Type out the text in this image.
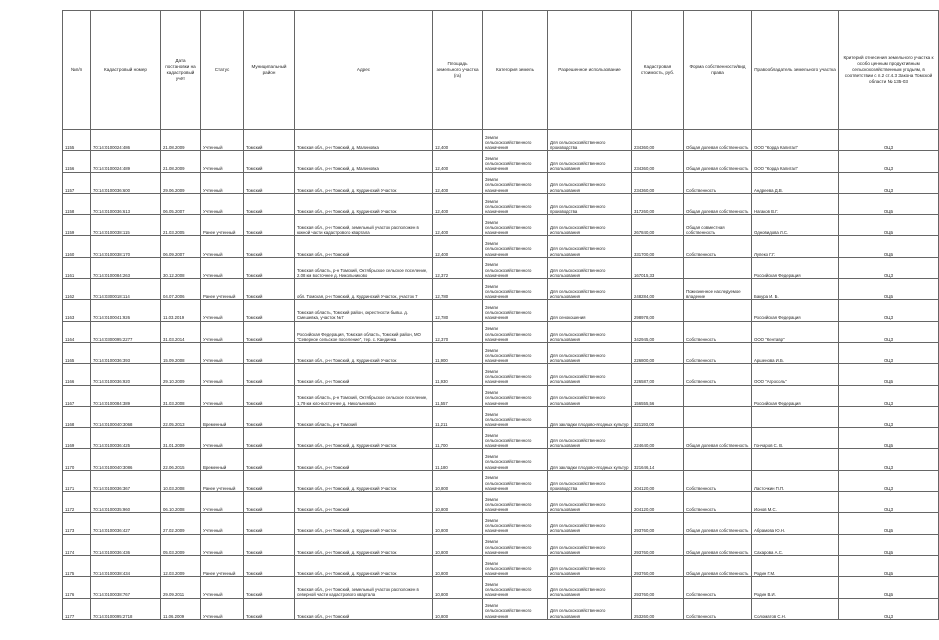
№п/п	Кадастровый номер	Дата постановки на кадастровый учёт	Статус	Муниципальный район	Адрес	Площадь земельного участка (га)	Категория земель	Разрешенное использование	Кадастровая стоимость, руб.	Форма собственности/вид права	Правообладатель земельного участка	Критерий отнесения земельного участка к особо ценным продуктивным сельскохозяйственным угодьям, в соответствии с п.2 ст.4.3 Закона Томской области № 135-03
1155	70:14:0100024:486	21.08.2009	Учтенный	Томский	Томская обл., р-н Томский, д. Малиновка	12,400	Земли сельскохозяйственного назначения	Для сельскохозяйственного производства	234360,00	Общая долевая собственность	ООО "Корда Капитал"	ОЦЗ
1156	70:14:0100024:489	21.08.2009	Учтенный	Томский	Томская обл., р-н Томский, д. Малиновка	12,400	Земли сельскохозяйственного назначения	Для сельскохозяйственного использования	234360,00	Общая долевая собственность	ООО "Корда Капитал"	ОЦЗ
1157	70:14:0100036:600	29.06.2009	Учтенный	Томский	Томская обл., р-н Томский, д. Кудринский Участок	12,400	Земли сельскохозяйственного назначения	Для сельскохозяйственного использования	234360,00	Собственность	Андреева Д.В.	ОЦЗ
1158	70:14:0100036:613	06.05.2007	Учтенный	Томский	Томская обл., р-н Томский, д. Кудринский Участок	12,400	Земли сельскохозяйственного назначения	Для сельскохозяйственного производства	317260,00	Общая долевая собственность	Нагаков В.Г.	ОЦБ
1159	70:14:0100038:115	21.03.2005	Ранее учтенный	Томский	Томская обл., р-н Томский, земельный участок расположен в южной части кадастрового квартала	12,400	Земли сельскохозяйственного назначения	Для сельскохозяйственного использования	267840,00	Общая совместная собственность	Одновидова Л.С.	ОЦБ
1160	70:14:0100038:170	06.09.2007	Учтенный	Томский	Томская обл., р-н Томский	12,400	Земли сельскохозяйственного назначения	Для сельскохозяйственного использования	331700,00	Собственность	Лупеко Г.Г.	ОЦБ
1161	70:14:0100084:263	30.12.2008	Учтенный	Томский	Томская область, р-н Томский, Октябрьское сельское поселение, 2.08 км восточнее д. Никольниково	12,372	Земли сельскохозяйственного назначения	Для сельскохозяйственного использования	167015,33		Российская Федерация	ОЦЗ
1162	70:14:0300018:114	04.07.2006	Ранее учтенный	Томский	обл. Томская, р-н Томский, д. Кудринский Участок, участок 7	12,780	Земли сельскохозяйственного назначения	Для сельскохозяйственного использования	248284,00	Пожизненное наследуемое владение	Бакура И. Б.	ОЦБ
1163	70:14:0100041:926	11.03.2019	Учтенный	Томский	Томская область, Томский район, окрестности бывш. д. Смешевка, участок №7	12,780	Земли сельскохозяйственного назначения	Для сенокошения	298978,00		Российская Федерация	ОЦЗ
1164	70:14:0300095:2277	31.03.2014	Учтенный	Томский	Российская Федерация, Томская область, Томский район, МО "Северное сельское поселение", тер. с. Кандинка	12,370	Земли сельскохозяйственного назначения	Для сельскохозяйственного использования	342945,00	Собственность	ООО "Кентавр"	ОЦЗ
1165	70:14:0100036:393	15.09.2008	Учтенный	Томский	Томская обл., р-н Томский, д. Кудринский Участок	11,900	Земли сельскохозяйственного назначения	Для сельскохозяйственного использования	226800,00	Собственность	Аршенова И.Б.	ОЦЗ
1166	70:14:0100036:920	29.10.2009	Учтенный	Томский	Томская обл., р-н Томский	11,930	Земли сельскохозяйственного назначения	Для сельскохозяйственного использования	226587,00	Собственность	ООО "Агросоль"	ОЦБ
1167	70:14:0100084:389	31.03.2008	Учтенный	Томский	Томская область, р-н Томский, Октябрьское сельское поселение, 1,79 км юго-восточнее д. Никольниково	11,557	Земли сельскохозяйственного назначения	Для сельскохозяйственного использования	156555,56		Российская Федерация	ОЦЗ
1168	70:14:0100040:3068	22.05.2013	Временный	Томский	Томская область, р-н Томский	11,211	Земли сельскохозяйственного назначения	Для закладки плодово-ягодных культур	321193,00			ОЦЗ
1169	70:14:0100036:425	31.01.2009	Учтенный	Томский	Томская обл., р-н Томский, д. Кудринский Участок	11,700	Земли сельскохозяйственного назначения	Для сельскохозяйственного использования	224640,00	Общая долевая собственность	Гончаров С. В.	ОЦБ
1170	70:14:0100040:3086	22.06.2015	Временный	Томский	Томская обл., р-н Томский	11,180	Земли сельскохозяйственного назначения	Для закладки плодово-ягодных культур	321646,14			ОЦЗ
1171	70:14:0100036:367	10.03.2008	Ранее учтенный	Томский	Томская обл., р-н Томский, д. Кудринский Участок	10,800	Земли сельскохозяйственного назначения	Для сельскохозяйственного производства	204120,00	Собственность	Ласточкин П.П.	ОЦЗ
1172	70:14:0100035:960	06.10.2008	Учтенный	Томский	Томская обл., р-н Томский	10,800	Земли сельскохозяйственного назначения	Для сельскохозяйственного использования	204120,00	Собственность	Ионов М.С.	ОЦЗ
1173	70:14:0100036:427	27.02.2009	Учтенный	Томский	Томская обл., р-н Томский, д. Кудринский Участок	10,800	Земли сельскохозяйственного назначения	Для сельскохозяйственного использования	293760,00	Общая долевая собственность	Абрамова Ю.Н.	ОЦБ
1174	70:14:0100036:436	05.03.2009	Учтенный	Томский	Томская обл., р-н Томский, д. Кудринский Участок	10,800	Земли сельскохозяйственного назначения	Для сельскохозяйственного использования	293760,00	Общая долевая собственность	Сахарова А.С.	ОЦБ
1175	70:14:0100038:434	12.03.2009	Ранее учтенный	Томский	Томская обл., р-н Томский, д. Кудринский Участок	10,800	Земли сельскохозяйственного назначения	Для сельскохозяйственного использования	293760,00	Общая долевая собственность	Родин Г.М.	ОЦБ
1176	70:14:0100038:767	29.09.2011	Учтенный	Томский	Томская обл., р-н Томский, земельный участок расположен в северной части кадастрового квартала	10,800	Земли сельскохозяйственного назначения	Для сельскохозяйственного использования	293760,00	Собственность	Родин В.И.	ОЦБ
1177	70:14:0100095:2718	11.06.2009	Учтенный	Томский	Томская обл., р-н Томский	10,800	Земли сельскохозяйственного назначения	Для сельскохозяйственного использования	253260,00	Собственность	Соломатов С.Н.	ОЦЗ
